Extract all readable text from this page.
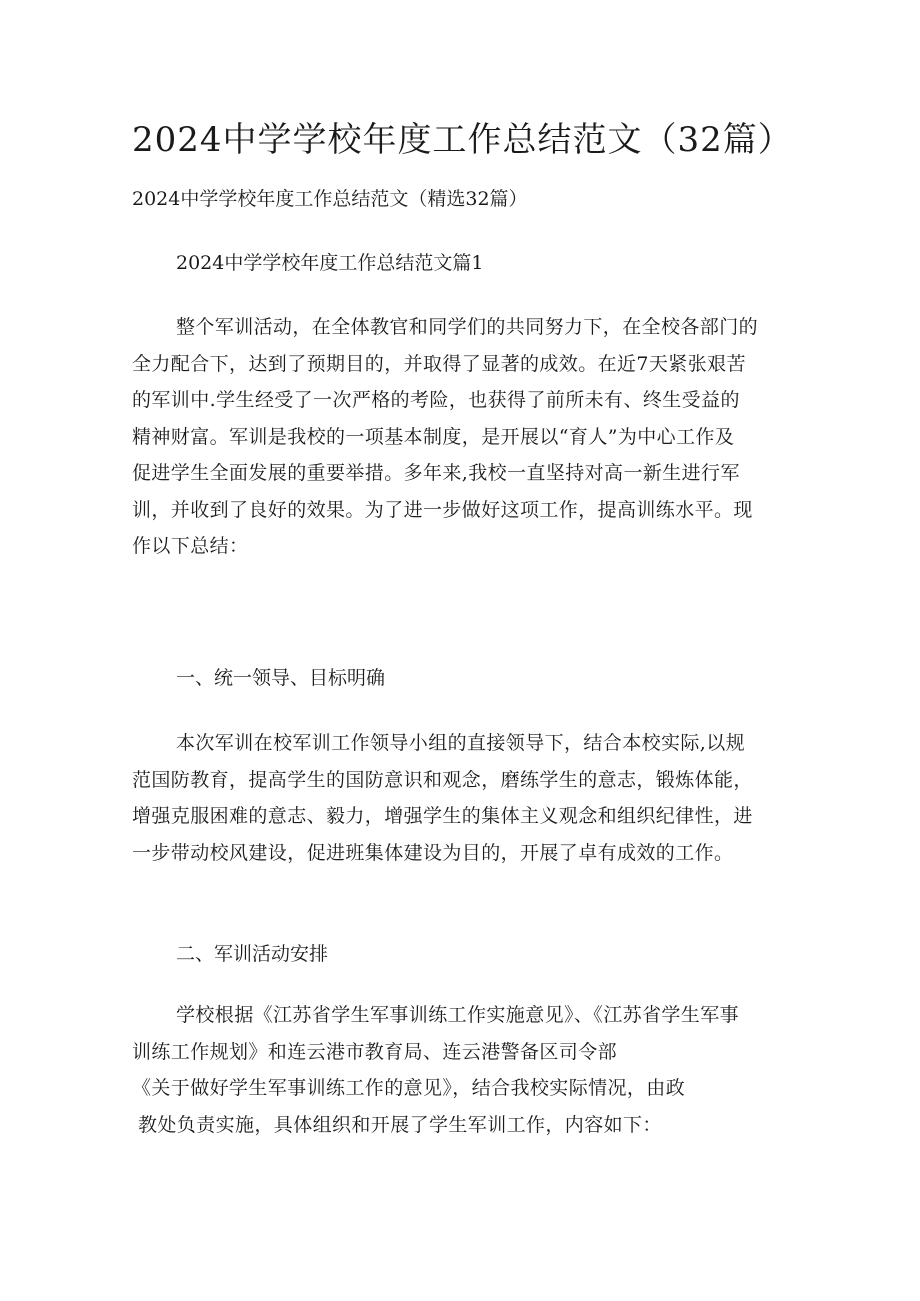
2024中学学校年度工作总结范文（32篇）
2024中学学校年度工作总结范文（精选32篇）
2024中学学校年度工作总结范文篇1
整个军训活动，在全体教官和同学们的共同努力下，在全校各部门的
全力配合下，达到了预期目的，并取得了显著的成效。在近7天紧张艰苦
的军训中.学生经受了一次严格的考险，也获得了前所未有、终生受益的
精神财富。军训是我校的一项基本制度，是开展以“育人”为中心工作及
促进学生全面发展的重要举措。多年来,我校一直坚持对高一新生进行军
训，并收到了良好的效果。为了进一步做好这项工作，提高训练水平。现
作以下总结：
一、统一领导、目标明确
本次军训在校军训工作领导小组的直接领导下，结合本校实际,以规
范国防教育，提高学生的国防意识和观念，磨练学生的意志，锻炼体能，
增强克服困难的意志、毅力，增强学生的集体主义观念和组织纪律性，进
一步带动校风建设，促进班集体建设为目的，开展了卓有成效的工作。
二、军训活动安排
学校根据《江苏省学生军事训练工作实施意见》、《江苏省学生军事
训练工作规划》和连云港市教育局、连云港警备区司令部
《关于做好学生军事训练工作的意见》，结合我校实际情况，由政
教处负责实施，具体组织和开展了学生军训工作，内容如下：
